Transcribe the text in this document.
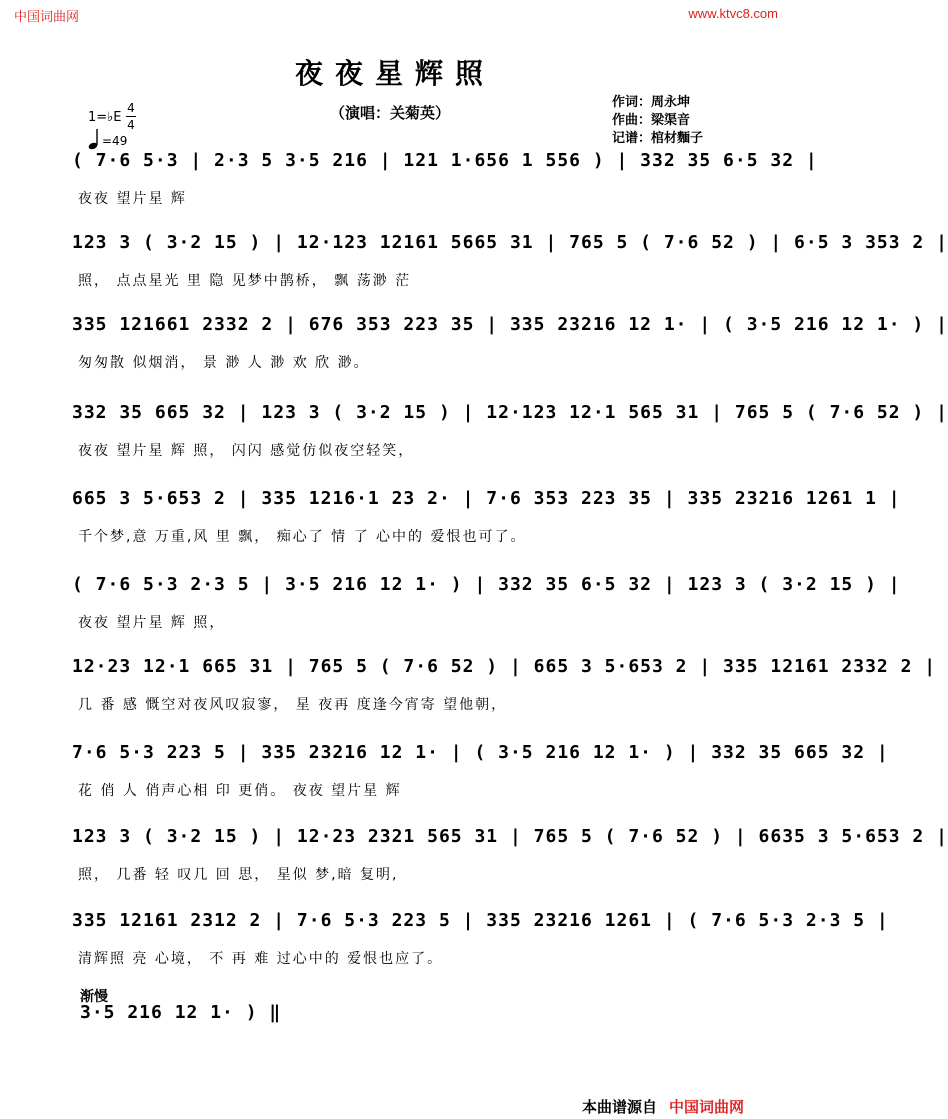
中国词曲网	www.ktvc8.com
夜夜星辉照
（演唱：关菊英）
1=♭E
4
4
=49
作词：周永坤
作曲：梁渠音
记谱：棺材麵子
( 7·6 5·3 | 2·3 5 3·5 216 | 121 1·656 1 556 ) | 332 35 6·5 32 |
夜夜 望片星 辉
123 3 ( 3·2 15 ) | 12·123 12161 5665 31 | 765 5 ( 7·6 52 ) | 6·5 3 353 2 |
照， 点点星光 里 隐 见梦中鹊桥， 飘 荡渺 茫
335 121661 2332 2 | 676 353 223 35 | 335 23216 12 1· | ( 3·5 216 12 1· ) |
匆匆散 似烟消， 景 渺 人 渺 欢 欣 渺。
332 35 665 32 | 123 3 ( 3·2 15 ) | 12·123 12·1 565 31 | 765 5 ( 7·6 52 ) |
夜夜 望片星 辉 照， 闪闪 感觉仿似夜空轻笑，
665 3 5·653 2 | 335 1216·1 23 2· | 7·6 353 223 35 | 335 23216 1261 1 |
千个梦,意 万重,风 里 飘， 痴心了 情 了 心中的 爱恨也可了。
( 7·6 5·3 2·3 5 | 3·5 216 12 1· ) | 332 35 6·5 32 | 123 3 ( 3·2 15 ) |
夜夜 望片星 辉 照，
12·23 12·1 665 31 | 765 5 ( 7·6 52 ) | 665 3 5·653 2 | 335 12161 2332 2 |
几 番 感 慨空对夜风叹寂寥， 星 夜再 度逢今宵寄 望他朝，
7·6 5·3 223 5 | 335 23216 12 1· | ( 3·5 216 12 1· ) | 332 35 665 32 |
花 俏 人 俏声心相 印 更俏。 夜夜 望片星 辉
123 3 ( 3·2 15 ) | 12·23 2321 565 31 | 765 5 ( 7·6 52 ) | 6635 3 5·653 2 |
照， 几番 轻 叹几 回 思， 星似 梦,暗 复明,
335 12161 2312 2 | 7·6 5·3 223 5 | 335 23216 1261 | ( 7·6 5·3 2·3 5 |
清辉照 亮 心境， 不 再 难 过心中的 爱恨也应了。
渐慢
3·5 216 12 1· ) ‖
本曲谱源自 中国词曲网
